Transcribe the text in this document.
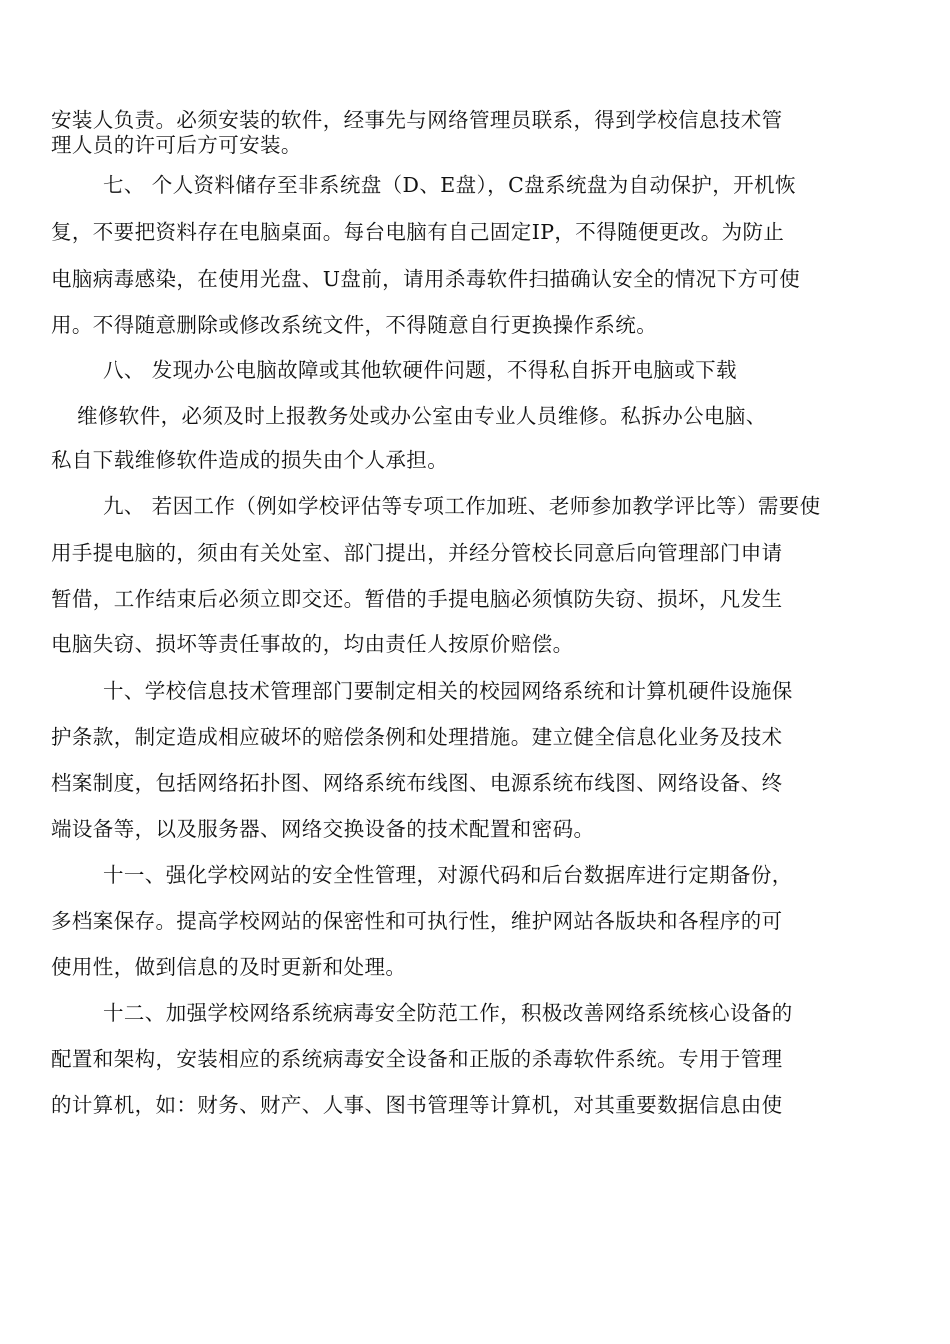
安装人负责。必须安装的软件，经事先与网络管理员联系，得到学校信息技术管
理人员的许可后方可安装。
七、 个人资料储存至非系统盘（D、E盘），C盘系统盘为自动保护，开机恢
复，不要把资料存在电脑桌面。每台电脑有自己固定IP，不得随便更改。为防止
电脑病毒感染，在使用光盘、U盘前，请用杀毒软件扫描确认安全的情况下方可使
用。不得随意删除或修改系统文件，不得随意自行更换操作系统。
八、 发现办公电脑故障或其他软硬件问题，不得私自拆开电脑或下载
维修软件，必须及时上报教务处或办公室由专业人员维修。私拆办公电脑、
私自下载维修软件造成的损失由个人承担。
九、 若因工作（例如学校评估等专项工作加班、老师参加教学评比等）需要使
用手提电脑的，须由有关处室、部门提出，并经分管校长同意后向管理部门申请
暂借，工作结束后必须立即交还。暂借的手提电脑必须慎防失窃、损坏，凡发生
电脑失窃、损坏等责任事故的，均由责任人按原价赔偿。
十、学校信息技术管理部门要制定相关的校园网络系统和计算机硬件设施保
护条款，制定造成相应破坏的赔偿条例和处理措施。建立健全信息化业务及技术
档案制度，包括网络拓扑图、网络系统布线图、电源系统布线图、网络设备、终
端设备等，以及服务器、网络交换设备的技术配置和密码。
十一、强化学校网站的安全性管理，对源代码和后台数据库进行定期备份，
多档案保存。提高学校网站的保密性和可执行性，维护网站各版块和各程序的可
使用性，做到信息的及时更新和处理。
十二、加强学校网络系统病毒安全防范工作，积极改善网络系统核心设备的
配置和架构，安装相应的系统病毒安全设备和正版的杀毒软件系统。专用于管理
的计算机，如：财务、财产、人事、图书管理等计算机，对其重要数据信息由使
